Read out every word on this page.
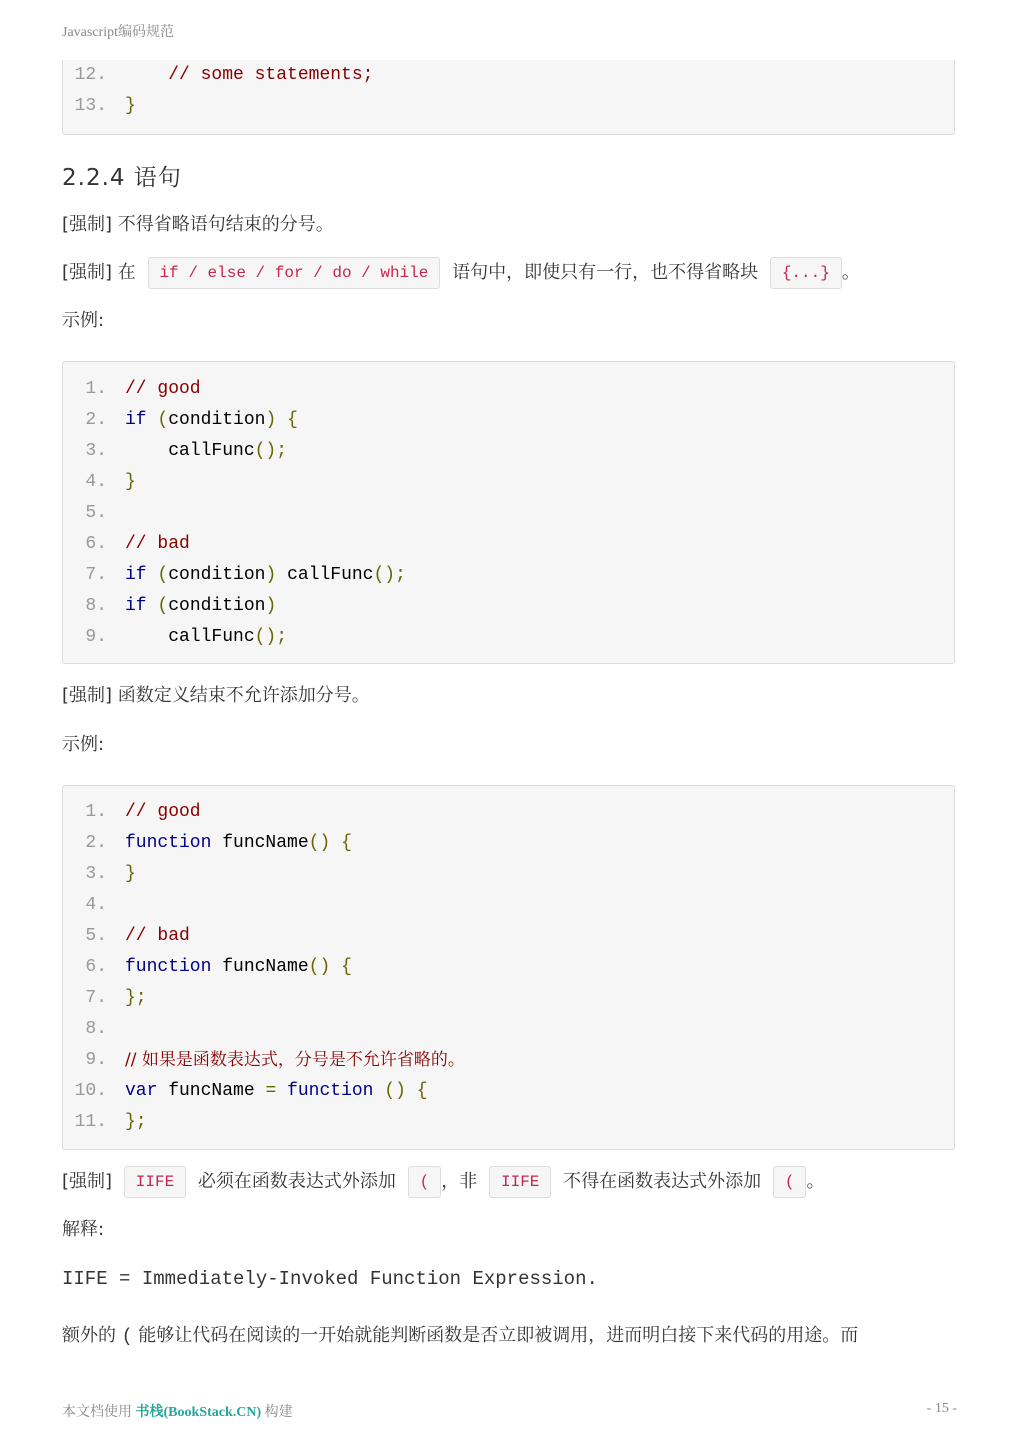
Javascript编码规范
12.	// some statements;
13. }
2.2.4 语句
[强制] 不得省略语句结束的分号。
[强制] 在 if / else / for / do / while 语句中，即使只有一行，也不得省略块 {...} 。
示例:
1. // good
2. if (condition) {
3. callFunc();
4. }
5.
6. // bad
7. if (condition) callFunc();
8. if (condition)
9. callFunc();
[强制] 函数定义结束不允许添加分号。
示例:
1. // good
2. function funcName() {
3. }
4.
5. // bad
6. function funcName() {
7. };
8.
9. // 如果是函数表达式，分号是不允许省略的。
10. var funcName = function () {
11. };
[强制] IIFE 必须在函数表达式外添加 ( ，非 IIFE 不得在函数表达式外添加 ( 。
解释:
IIFE = Immediately-Invoked Function Expression.
额外的 ( 能够让代码在阅读的一开始就能判断函数是否立即被调用，进而明白接下来代码的用途。而
本文档使用 书栈(BookStack.CN) 构建	- 15 -
